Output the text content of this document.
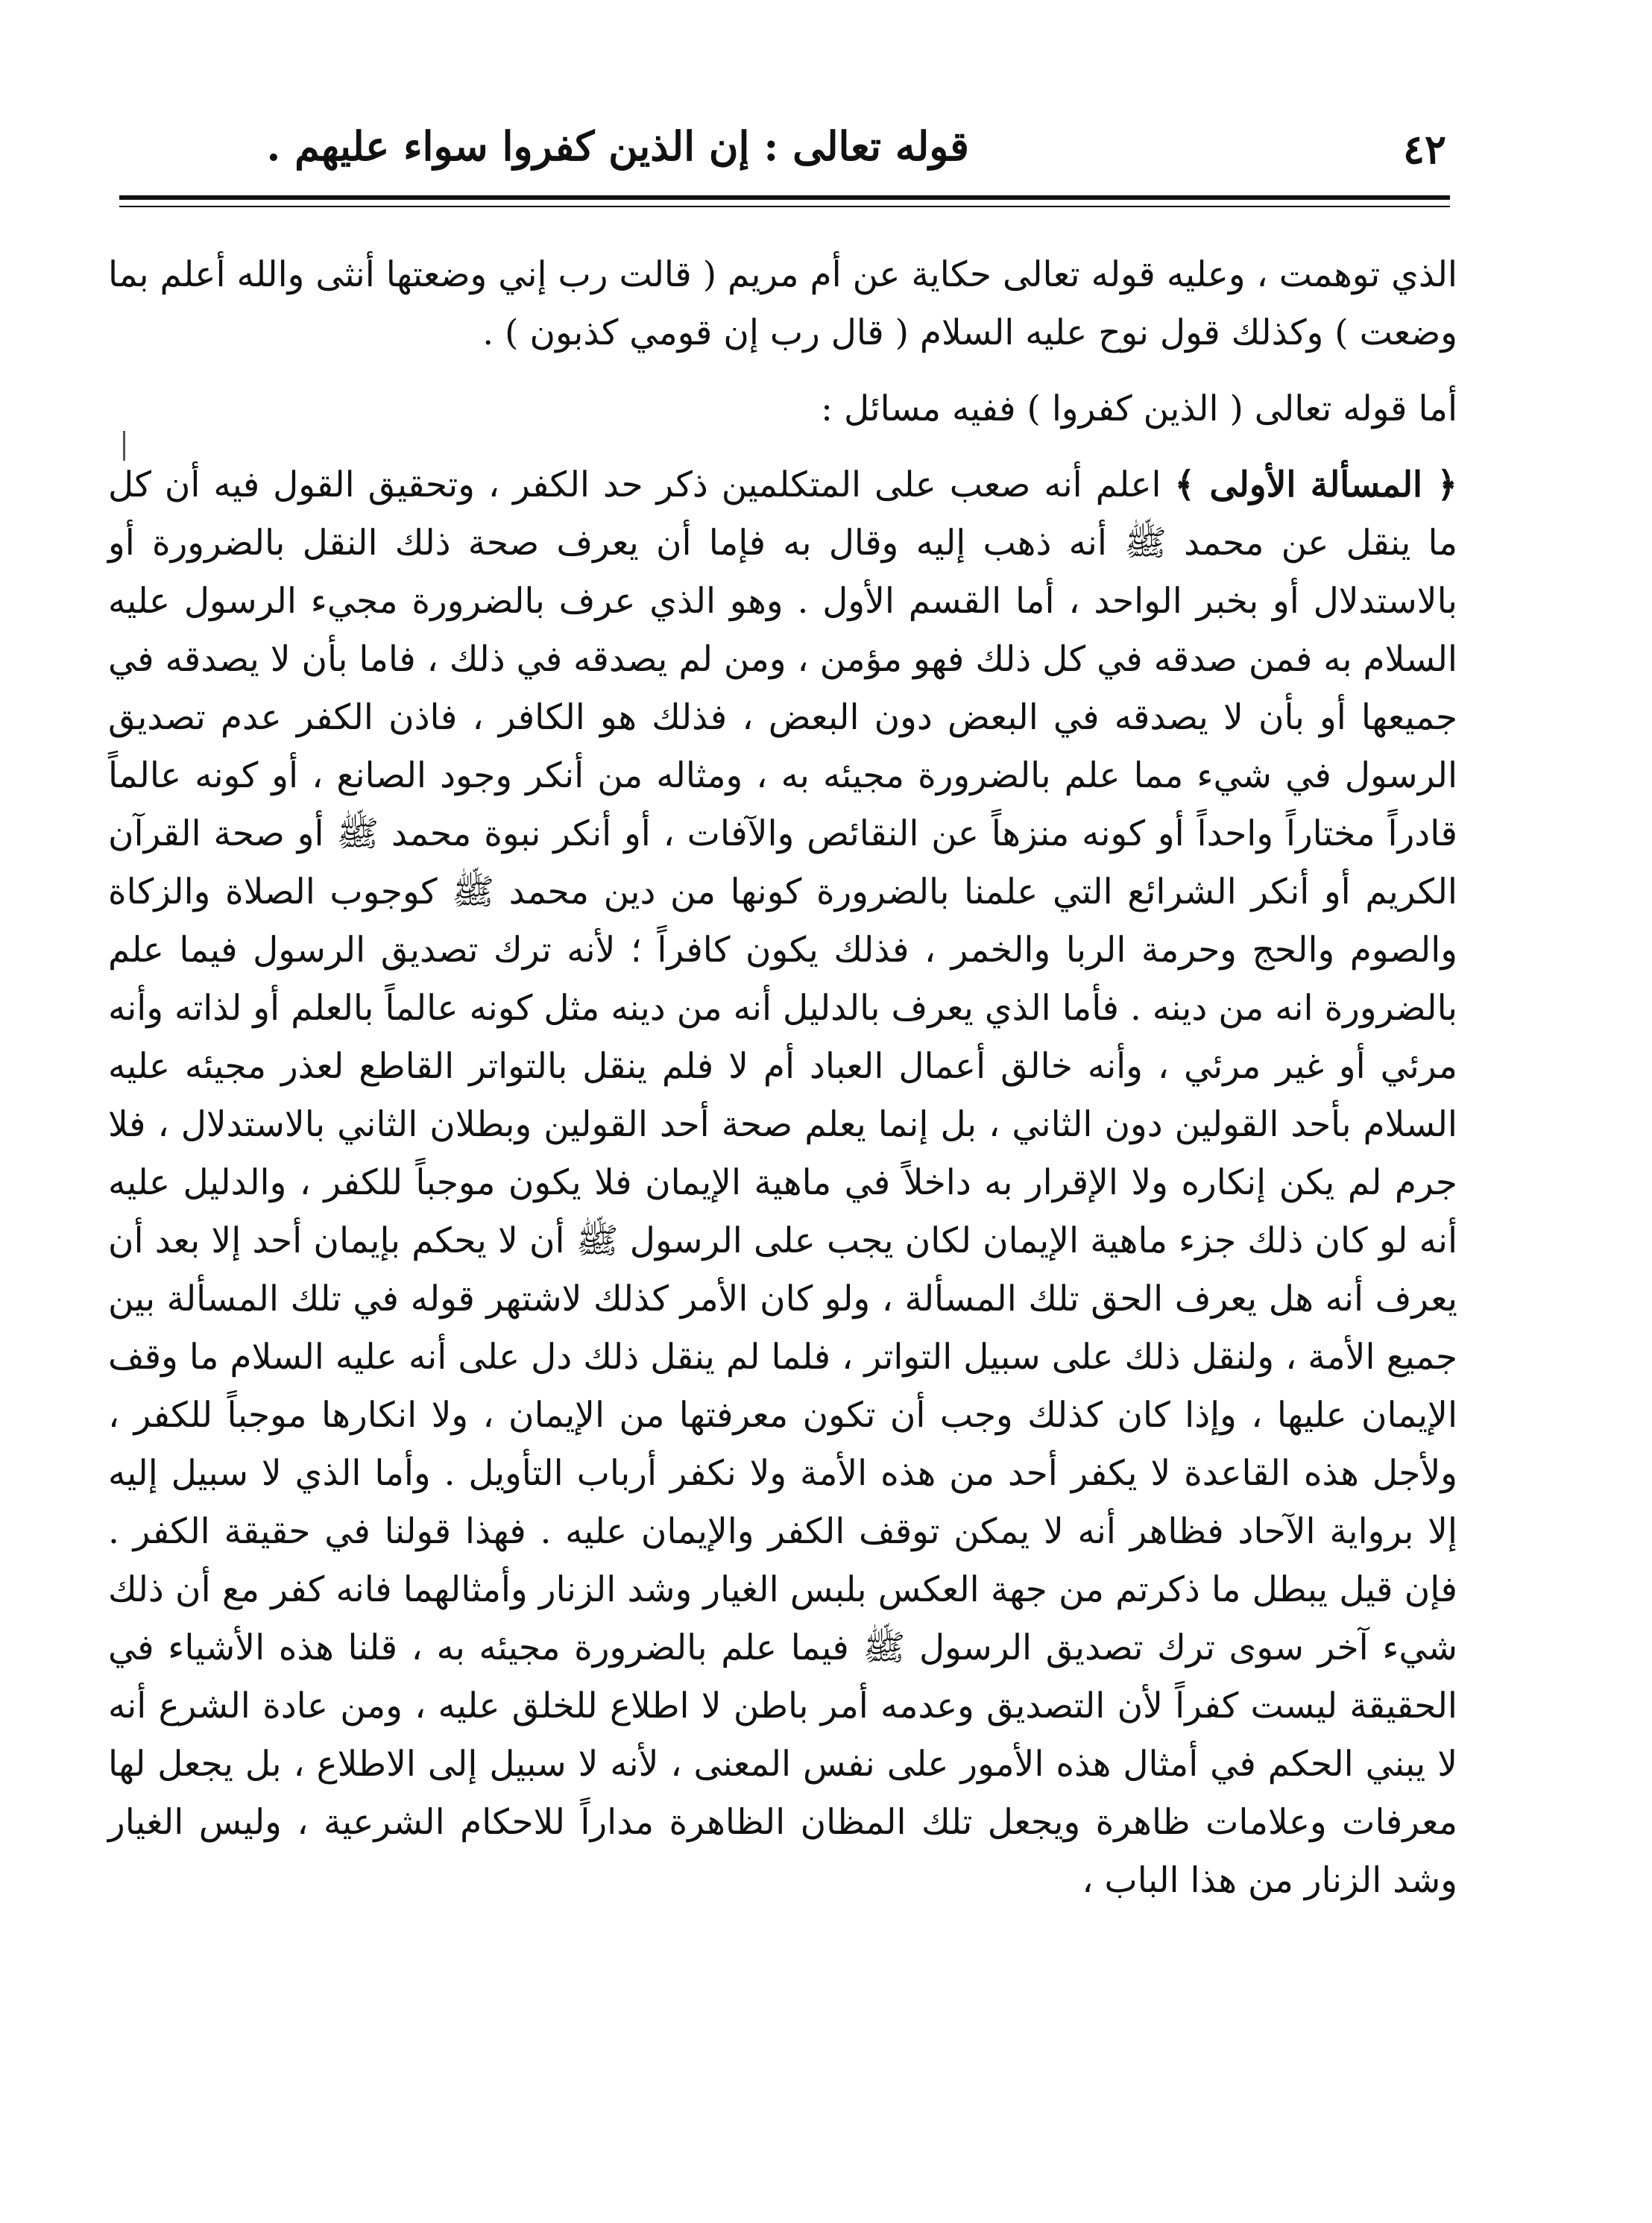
٤٢
قوله تعالى : إن الذين كفروا سواء عليهم .

الذي توهمت ، وعليه قوله تعالى حكاية عن أم مريم ( قالت رب إني وضعتها أنثى والله أعلم بما وضعت ) وكذلك قول نوح عليه السلام ( قال رب إن قومي كذبون ) .

أما قوله تعالى ( الذين كفروا ) ففيه مسائل :

﴿ المسألة الأولى ﴾ اعلم أنه صعب على المتكلمين ذكر حد الكفر ، وتحقيق القول فيه أن كل ما ينقل عن محمد ﷺ أنه ذهب إليه وقال به فإما أن يعرف صحة ذلك النقل بالضرورة أو بالاستدلال أو بخبر الواحد ، أما القسم الأول . وهو الذي عرف بالضرورة مجيء الرسول عليه السلام به فمن صدقه في كل ذلك فهو مؤمن ، ومن لم يصدقه في ذلك ، فاما بأن لا يصدقه في جميعها أو بأن لا يصدقه في البعض دون البعض ، فذلك هو الكافر ، فاذن الكفر عدم تصديق الرسول في شيء مما علم بالضرورة مجيئه به ، ومثاله من أنكر وجود الصانع ، أو كونه عالماً قادراً مختاراً واحداً أو كونه منزهاً عن النقائص والآفات ، أو أنكر نبوة محمد ﷺ أو صحة القرآن الكريم أو أنكر الشرائع التي علمنا بالضرورة كونها من دين محمد ﷺ كوجوب الصلاة والزكاة والصوم والحج وحرمة الربا والخمر ، فذلك يكون كافراً ؛ لأنه ترك تصديق الرسول فيما علم بالضرورة انه من دينه . فأما الذي يعرف بالدليل أنه من دينه مثل كونه عالماً بالعلم أو لذاته وأنه مرئي أو غير مرئي ، وأنه خالق أعمال العباد أم لا فلم ينقل بالتواتر القاطع لعذر مجيئه عليه السلام بأحد القولين دون الثاني ، بل إنما يعلم صحة أحد القولين وبطلان الثاني بالاستدلال ، فلا جرم لم يكن إنكاره ولا الإقرار به داخلاً في ماهية الإيمان فلا يكون موجباً للكفر ، والدليل عليه أنه لو كان ذلك جزء ماهية الإيمان لكان يجب على الرسول ﷺ أن لا يحكم بإيمان أحد إلا بعد أن يعرف أنه هل يعرف الحق تلك المسألة ، ولو كان الأمر كذلك لاشتهر قوله في تلك المسألة بين جميع الأمة ، ولنقل ذلك على سبيل التواتر ، فلما لم ينقل ذلك دل على أنه عليه السلام ما وقف الإيمان عليها ، وإذا كان كذلك وجب أن تكون معرفتها من الإيمان ، ولا انكارها موجباً للكفر ، ولأجل هذه القاعدة لا يكفر أحد من هذه الأمة ولا نكفر أرباب التأويل . وأما الذي لا سبيل إليه إلا برواية الآحاد فظاهر أنه لا يمكن توقف الكفر والإيمان عليه . فهذا قولنا في حقيقة الكفر . فإن قيل يبطل ما ذكرتم من جهة العكس بلبس الغيار وشد الزنار وأمثالهما فانه كفر مع أن ذلك شيء آخر سوى ترك تصديق الرسول ﷺ فيما علم بالضرورة مجيئه به ، قلنا هذه الأشياء في الحقيقة ليست كفراً لأن التصديق وعدمه أمر باطن لا اطلاع للخلق عليه ، ومن عادة الشرع أنه لا يبني الحكم في أمثال هذه الأمور على نفس المعنى ، لأنه لا سبيل إلى الاطلاع ، بل يجعل لها معرفات وعلامات ظاهرة ويجعل تلك المظان الظاهرة مداراً للاحكام الشرعية ، وليس الغيار وشد الزنار من هذا الباب ،
